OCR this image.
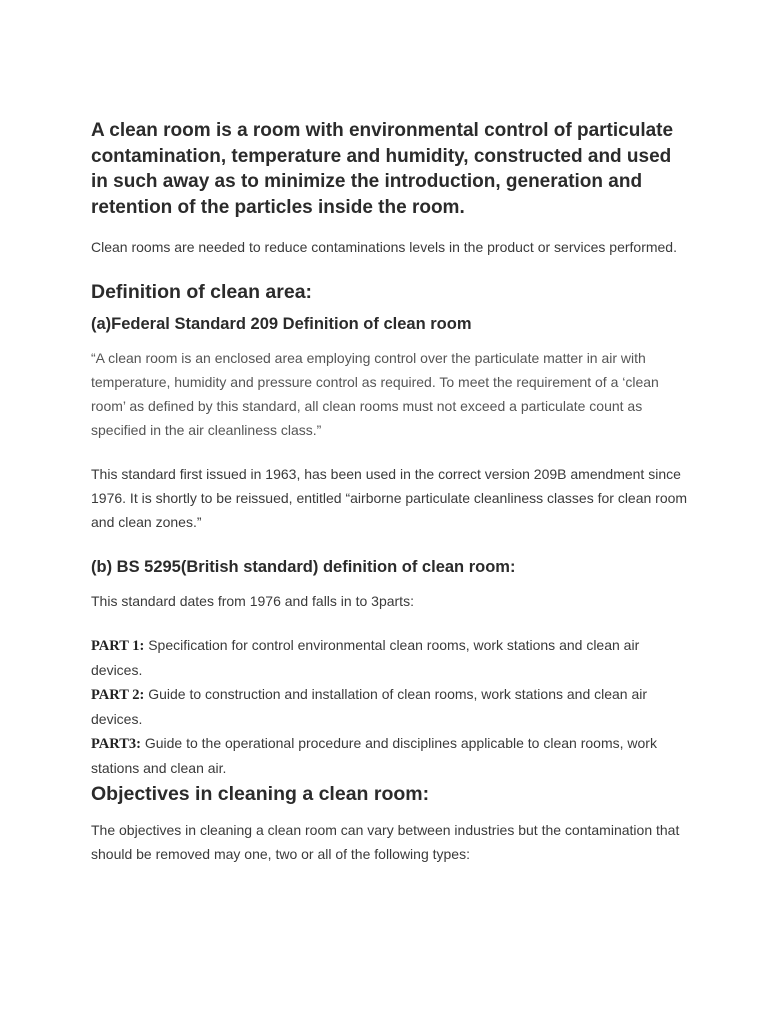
A clean room is a room with environmental control of particulate contamination, temperature and humidity, constructed and used in such away as to minimize the introduction, generation and retention of the particles inside the room.

Clean rooms are needed to reduce contaminations levels in the product or services performed.

Definition of clean area:
(a)Federal Standard 209 Definition of clean room

“A clean room is an enclosed area employing control over the particulate matter in air with temperature, humidity and pressure control as required. To meet the requirement of a ‘clean room’ as defined by this standard, all clean rooms must not exceed a particulate count as specified in the air cleanliness class.”

This standard first issued in 1963, has been used in the correct version 209B amendment since 1976. It is shortly to be reissued, entitled “airborne particulate cleanliness classes for clean room and clean zones.”

(b) BS 5295(British standard) definition of clean room:

This standard dates from 1976 and falls in to 3parts:

PART 1: Specification for control environmental clean rooms, work stations and clean air devices.

PART 2: Guide to construction and installation of clean rooms, work stations and clean air devices.

PART3: Guide to the operational procedure and disciplines applicable to clean rooms, work stations and clean air.

Objectives in cleaning a clean room:

The objectives in cleaning a clean room can vary between industries but the contamination that should be removed may one, two or all of the following types:
